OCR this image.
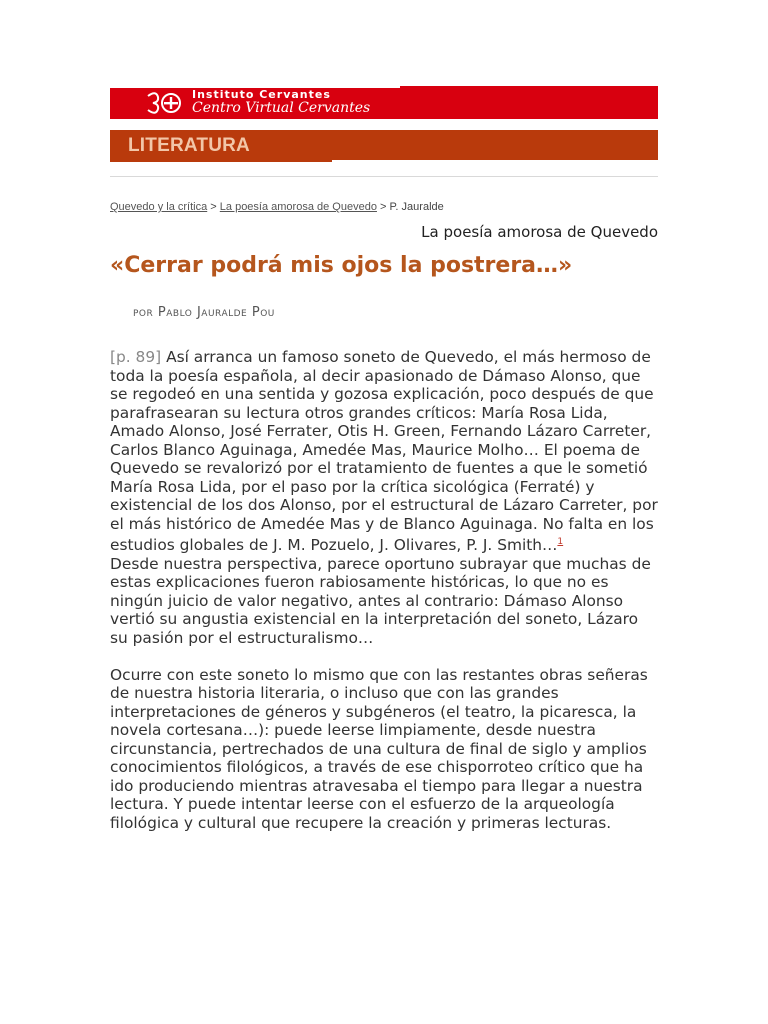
Instituto Cervantes
Centro Virtual Cervantes
LITERATURA
Quevedo y la crítica > La poesía amorosa de Quevedo > P. Jauralde
La poesía amorosa de Quevedo
«Cerrar podrá mis ojos la postrera…»
por Pablo Jauralde Pou

[p. 89] Así arranca un famoso soneto de Quevedo, el más hermoso de toda la poesía española, al decir apasionado de Dámaso Alonso, que se regodeó en una sentida y gozosa explicación, poco después de que parafrasearan su lectura otros grandes críticos: María Rosa Lida, Amado Alonso, José Ferrater, Otis H. Green, Fernando Lázaro Carreter, Carlos Blanco Aguinaga, Amedée Mas, Maurice Molho… El poema de Quevedo se revalorizó por el tratamiento de fuentes a que le sometió María Rosa Lida, por el paso por la crítica sicológica (Ferraté) y existencial de los dos Alonso, por el estructural de Lázaro Carreter, por el más histórico de Amedée Mas y de Blanco Aguinaga. No falta en los estudios globales de J. M. Pozuelo, J. Olivares, P. J. Smith…$^1$

Desde nuestra perspectiva, parece oportuno subrayar que muchas de estas explicaciones fueron rabiosamente históricas, lo que no es ningún juicio de valor negativo, antes al contrario: Dámaso Alonso vertió su angustia existencial en la interpretación del soneto, Lázaro su pasión por el estructuralismo…

Ocurre con este soneto lo mismo que con las restantes obras señeras de nuestra historia literaria, o incluso que con las grandes interpretaciones de géneros y subgéneros (el teatro, la picaresca, la novela cortesana…): puede leerse limpiamente, desde nuestra circunstancia, pertrechados de una cultura de final de siglo y amplios conocimientos filológicos, a través de ese chisporroteo crítico que ha ido produciendo mientras atravesaba el tiempo para llegar a nuestra lectura. Y puede intentar leerse con el esfuerzo de la arqueología filológica y cultural que recupere la creación y primeras lecturas.
